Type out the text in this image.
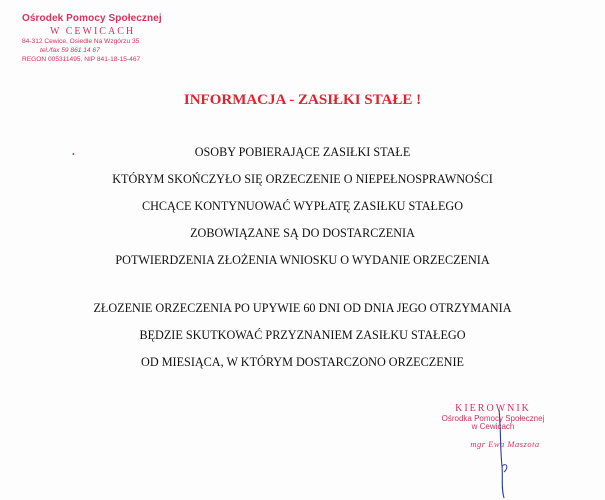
Ośrodek Pomocy Społecznej
W CEWICACH
84-312 Cewice, Osiedle Na Wzgórzu 35
tel./fax 59 861 14 67
REGON 005311495, NIP 841-18-15-467
INFORMACJA - ZASIŁKI STAŁE !
•	OSOBY POBIERAJĄCE ZASIŁKI STAŁE
KTÓRYM SKOŃCZYŁO SIĘ ORZECZENIE O NIEPEŁNOSPRAWNOŚCI
CHCĄCE KONTYNUOWAĆ WYPŁATĘ ZASIŁKU STAŁEGO
ZOBOWIĄZANE SĄ DO DOSTARCZENIA
POTWIERDZENIA ZŁOŻENIA WNIOSKU O WYDANIE ORZECZENIA
ZŁOZENIE ORZECZENIA PO UPYWIE 60 DNI OD DNIA JEGO OTRZYMANIA
BĘDZIE SKUTKOWAĆ PRZYZNANIEM ZASIŁKU STAŁEGO
OD MIESIĄCA, W KTÓRYM DOSTARCZONO ORZECZENIE
KIEROWNIK
Ośrodka Pomocy Społecznej
w Cewicach
mgr Ewa Maszota
